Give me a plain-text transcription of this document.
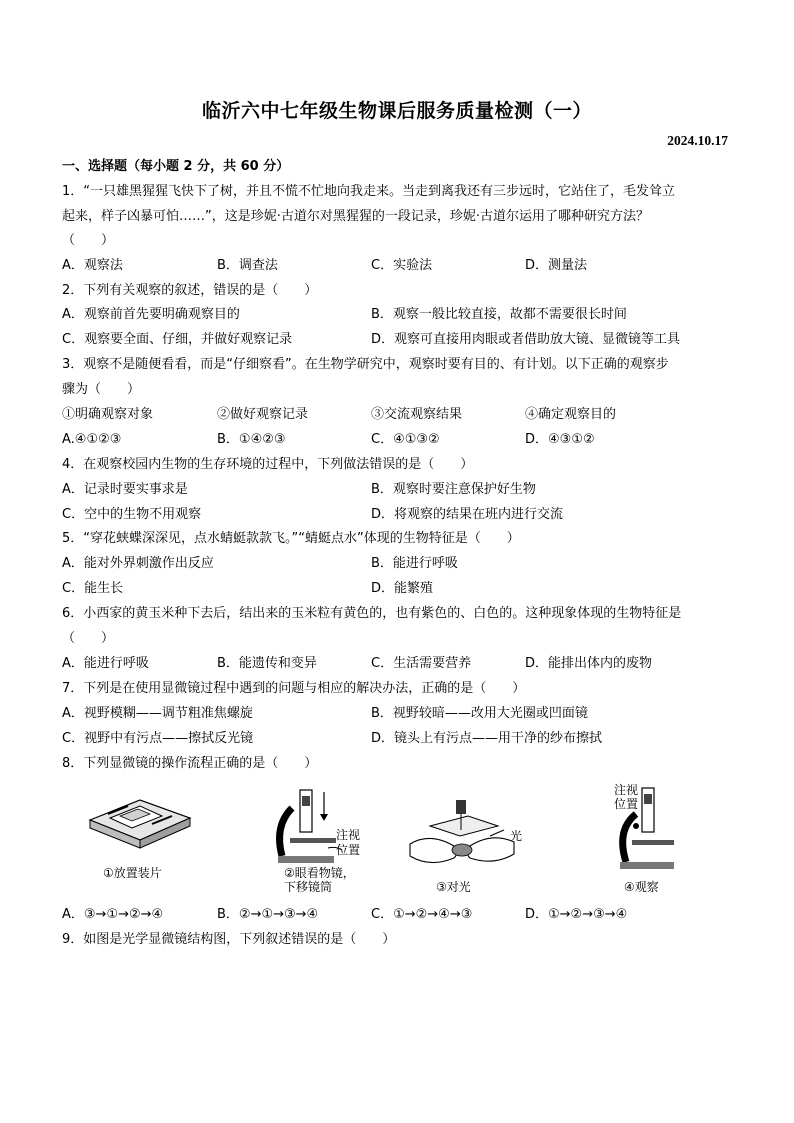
临沂六中七年级生物课后服务质量检测（一）
2024.10.17
一、选择题（每小题 2 分，共 60 分）
1．“一只雄黑猩猩飞快下了树，并且不慌不忙地向我走来。当走到离我还有三步远时，它站住了，毛发耸立
起来，样子凶暴可怕……”，这是珍妮·古道尔对黑猩猩的一段记录，珍妮·古道尔运用了哪种研究方法？
（　　）
A．观察法	B．调查法	C．实验法	D．测量法
2．下列有关观察的叙述，错误的是（　　）
A．观察前首先要明确观察目的	B．观察一般比较直接，故都不需要很长时间
C．观察要全面、仔细，并做好观察记录	D．观察可直接用肉眼或者借助放大镜、显微镜等工具
3．观察不是随便看看，而是“仔细察看”。在生物学研究中，观察时要有目的、有计划。以下正确的观察步
骤为（　　）
①明确观察对象	②做好观察记录	③交流观察结果	④确定观察目的
A.④①②③	B．①④②③	C．④①③②	D．④③①②
4．在观察校园内生物的生存环境的过程中，下列做法错误的是（　　）
A．记录时要实事求是	B．观察时要注意保护好生物
C．空中的生物不用观察	D．将观察的结果在班内进行交流
5．“穿花蛱蝶深深见，点水蜻蜓款款飞。”“蜻蜓点水”体现的生物特征是（　　）
A．能对外界刺激作出反应	B．能进行呼吸
C．能生长	D．能繁殖
6．小西家的黄玉米种下去后，结出来的玉米粒有黄色的，也有紫色的、白色的。这种现象体现的生物特征是
（　　）
A．能进行呼吸	B．能遗传和变异	C．生活需要营养	D．能排出体内的废物
7．下列是在使用显微镜过程中遇到的问题与相应的解决办法，正确的是（　　）
A．视野模糊——调节粗准焦螺旋	B．视野较暗——改用大光圈或凹面镜
C．视野中有污点——擦拭反光镜	D．镜头上有污点——用干净的纱布擦拭
8．下列显微镜的操作流程正确的是（　　）
①放置装片
注视
位置
②眼看物镜，
下移镜筒
光
③对光
注视
位置
④观察
A．③→①→②→④	B．②→①→③→④	C．①→②→④→③	D．①→②→③→④
9．如图是光学显微镜结构图，下列叙述错误的是（　　）
